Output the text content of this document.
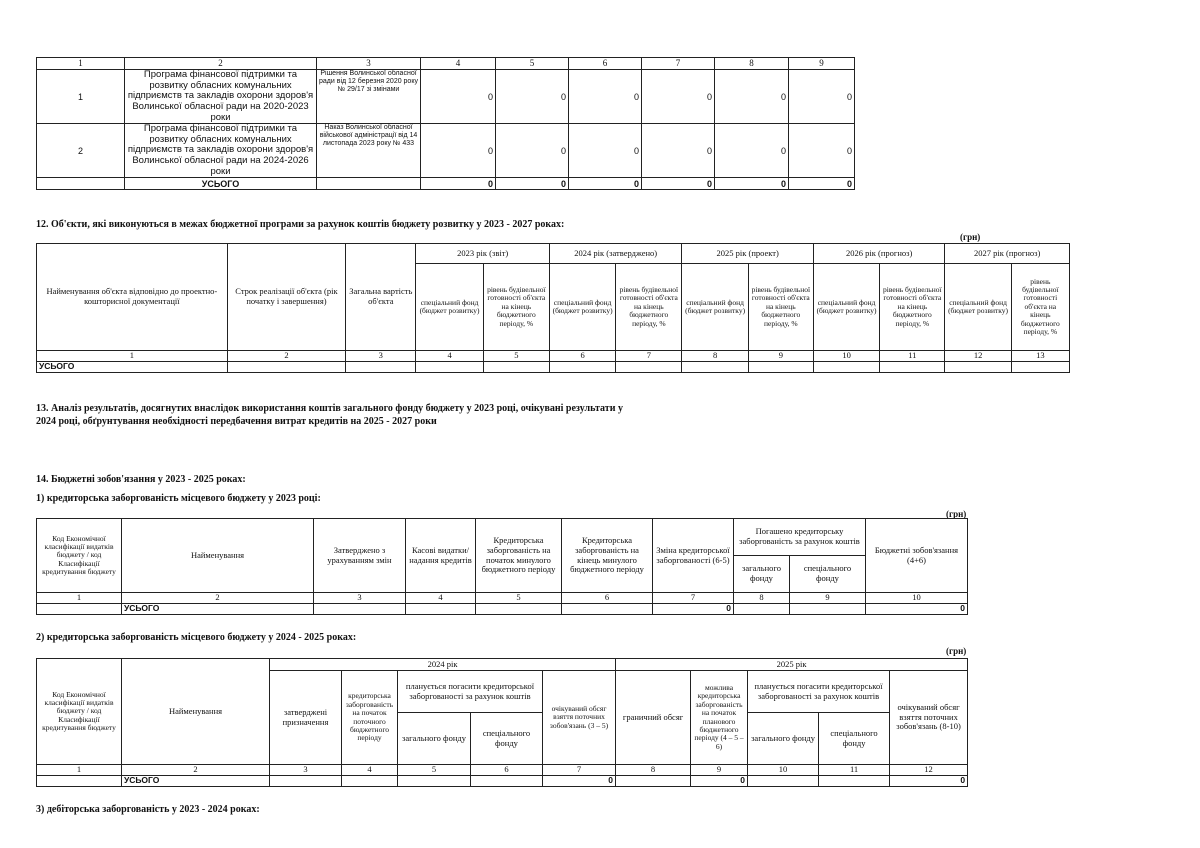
1	2	3	4	5	6	7	8	9
1	Програма фінансової підтримки та розвитку обласних комунальних підприємств та закладів охорони здоров'я Волинської обласної ради на 2020-2023 роки	Рішення Волинської обласної ради від 12 березня 2020 року № 29/17 зі змінами	0	0	0	0	0	0
2	Програма фінансової підтримки та розвитку обласних комунальних підприємств та закладів охорони здоров'я Волинської обласної ради на 2024-2026 роки	Наказ Волинської обласної військової адміністрації від 14 листопада 2023 року № 433	0	0	0	0	0	0
	УСЬОГО		0	0	0	0	0	0
12. Об'єкти, які виконуються в межах бюджетної програми за рахунок коштів бюджету розвитку у 2023 - 2027 роках:
(грн)
Найменування об'єкта відповідно до проектно-кошторисної документації	Строк реалізації об'єкта (рік початку і завершення)	Загальна вартість об'єкта	2023 рік (звіт)		2024 рік (затверджено)		2025 рік (проект)		2026 рік (прогноз)		2027 рік (прогноз)	
			спеціальний фонд (бюджет розвитку)	рівень будівельної готовності об'єкта на кінець бюджетного періоду, %	спеціальний фонд (бюджет розвитку)	рівень будівельної готовності об'єкта на кінець бюджетного періоду, %	спеціальний фонд (бюджет розвитку)	рівень будівельної готовності об'єкта на кінець бюджетного періоду, %	спеціальний фонд (бюджет розвитку)	рівень будівельної готовності об'єкта на кінець бюджетного періоду, %	спеціальний фонд (бюджет розвитку)	рівень будівельної готовності об'єкта на кінець бюджетного періоду, %
1	2	3	4	5	6	7	8	9	10	11	12	13
УСЬОГО												
13. Аналіз результатів, досягнутих внаслідок використання коштів загального фонду бюджету у 2023 році, очікувані результати у
2024 році, обґрунтування необхідності передбачення витрат кредитів на 2025 - 2027 роки
14. Бюджетні зобов'язання у 2023 - 2025 роках:
1) кредиторська заборгованість місцевого бюджету у 2023 році:
(грн)
Код Економічної класифікації видатків бюджету / код Класифікації кредитування бюджету	Найменування	Затверджено з урахуванням змін	Касові видатки/ надання кредитів	Кредиторська заборгованість на початок минулого бюджетного періоду	Кредиторська заборгованість на кінець минулого бюджетного періоду	Зміна кредиторської заборгованості (6-5)	Погашено кредиторську заборгованість за рахунок коштів		Бюджетні зобов'язання (4+6)
							загального фонду	спеціального фонду	
1	2	3	4	5	6	7	8	9	10
	УСЬОГО					0			0
2) кредиторська заборгованість місцевого бюджету у 2024 - 2025 роках:
(грн)
Код Економічної класифікації видатків бюджету / код Класифікації кредитування бюджету	Найменування	2024 рік					2025 рік				
		затверджені призначення	кредиторська заборгованість на початок поточного бюджетного періоду	планується погасити кредиторської заборгованості за рахунок коштів		очікуваний обсяг взяття поточних зобов'язань (3 – 5)	граничний обсяг	можлива кредиторська заборгованість на початок планового бюджетного періоду (4 – 5 – 6)	планується погасити кредиторської заборгованості за рахунок коштів		очікуваний обсяг взяття поточних зобов'язань (8-10)
				загального фонду	спеціального фонду				загального фонду	спеціального фонду	
1	2	3	4	5	6	7	8	9	10	11	12
	УСЬОГО					0		0			0
3) дебіторська заборгованість у 2023 - 2024 роках:
